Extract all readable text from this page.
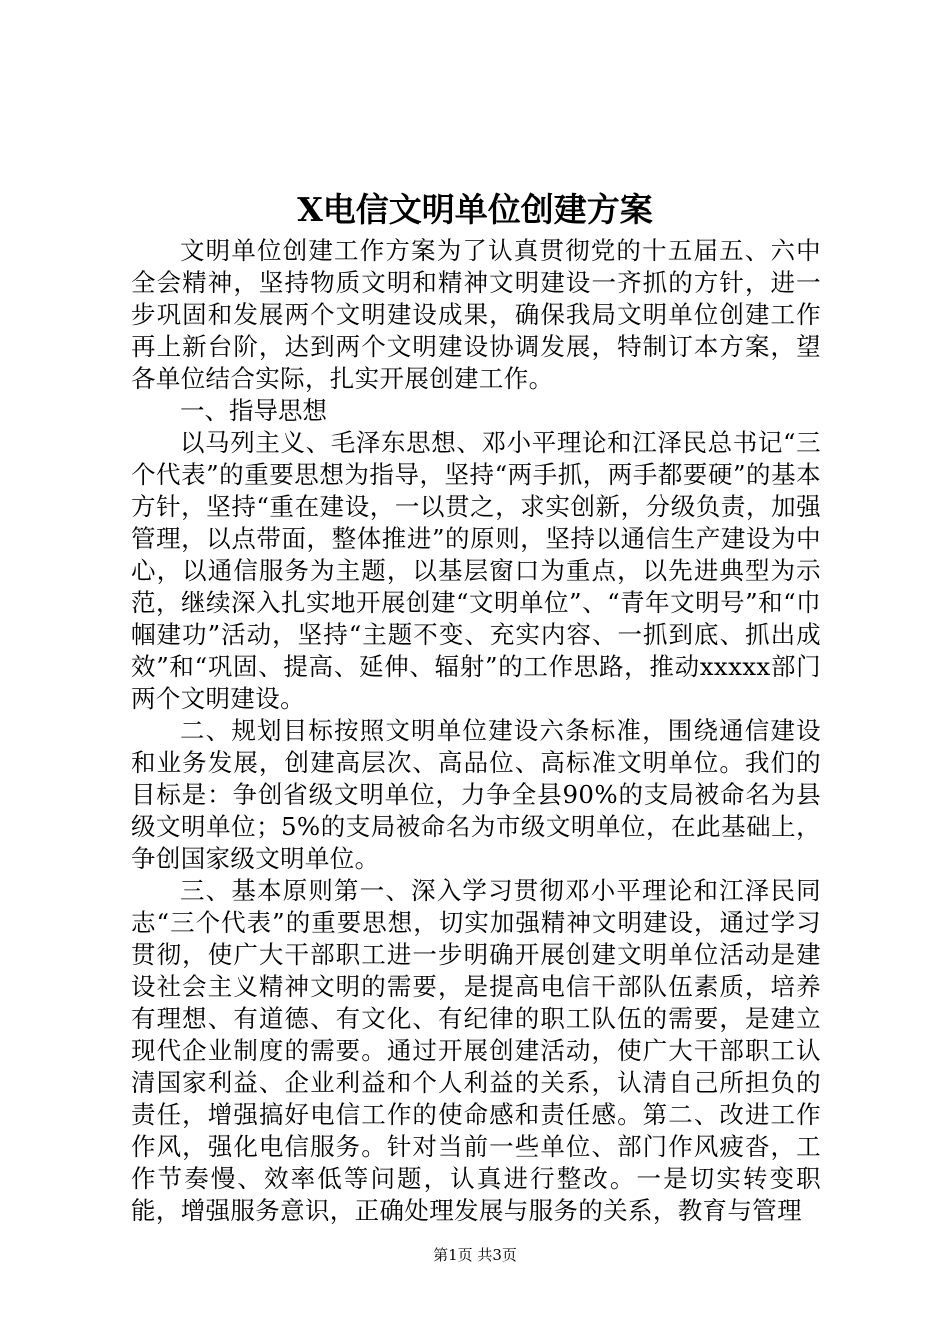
X电信文明单位创建方案

文明单位创建工作方案为了认真贯彻党的十五届五、六中全会精神，坚持物质文明和精神文明建设一齐抓的方针，进一步巩固和发展两个文明建设成果，确保我局文明单位创建工作再上新台阶，达到两个文明建设协调发展，特制订本方案，望各单位结合实际，扎实开展创建工作。

一、指导思想

以马列主义、毛泽东思想、邓小平理论和江泽民总书记“三个代表”的重要思想为指导，坚持“两手抓，两手都要硬”的基本方针，坚持“重在建设，一以贯之，求实创新，分级负责，加强管理，以点带面，整体推进”的原则，坚持以通信生产建设为中心，以通信服务为主题，以基层窗口为重点，以先进典型为示范，继续深入扎实地开展创建“文明单位”、“青年文明号”和“巾帼建功”活动，坚持“主题不变、充实内容、一抓到底、抓出成效”和“巩固、提高、延伸、辐射”的工作思路，推动xxxxx部门两个文明建设。

二、规划目标按照文明单位建设六条标准，围绕通信建设和业务发展，创建高层次、高品位、高标准文明单位。我们的目标是：争创省级文明单位，力争全县90%的支局被命名为县级文明单位；5%的支局被命名为市级文明单位，在此基础上，争创国家级文明单位。

三、基本原则第一、深入学习贯彻邓小平理论和江泽民同志“三个代表”的重要思想，切实加强精神文明建设，通过学习贯彻，使广大干部职工进一步明确开展创建文明单位活动是建设社会主义精神文明的需要，是提高电信干部队伍素质，培养有理想、有道德、有文化、有纪律的职工队伍的需要，是建立现代企业制度的需要。通过开展创建活动，使广大干部职工认清国家利益、企业利益和个人利益的关系，认清自己所担负的责任，增强搞好电信工作的使命感和责任感。第二、改进工作作风，强化电信服务。针对当前一些单位、部门作风疲沓，工作节奏慢、效率低等问题，认真进行整改。一是切实转变职能，增强服务意识，正确处理发展与服务的关系，教育与管理

第1页 共3页
